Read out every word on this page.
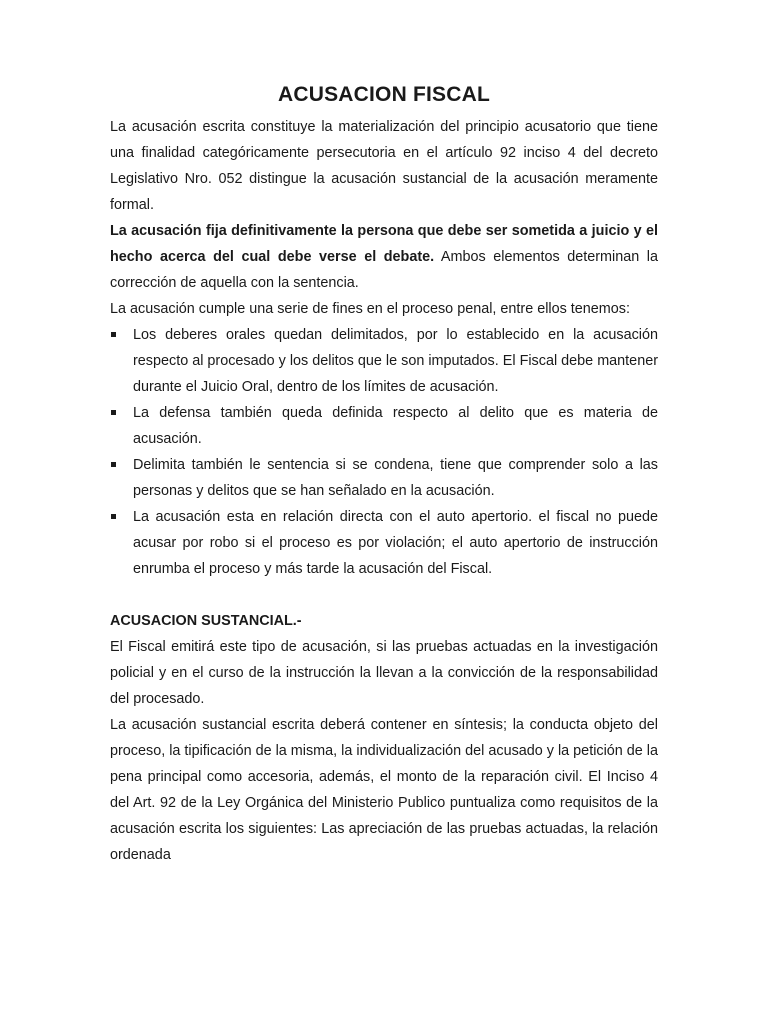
ACUSACION FISCAL

La acusación escrita constituye la materialización del principio acusatorio que tiene una finalidad categóricamente persecutoria en el artículo 92 inciso 4 del decreto Legislativo Nro. 052 distingue la acusación sustancial de la acusación meramente formal.

La acusación fija definitivamente la persona que debe ser sometida a juicio y el hecho acerca del cual debe verse el debate. Ambos elementos determinan la corrección de aquella con la sentencia.

La acusación cumple una serie de fines en el proceso penal, entre ellos tenemos:

Los deberes orales quedan delimitados, por lo establecido en la acusación respecto al procesado y los delitos que le son imputados. El Fiscal debe mantener durante el Juicio Oral, dentro de los límites de acusación.
La defensa también queda definida respecto al delito que es materia de acusación.
Delimita también le sentencia si se condena, tiene que comprender solo a las personas y delitos que se han señalado en la acusación.
La acusación esta en relación directa con el auto apertorio. el fiscal no puede acusar por robo si el proceso es por violación; el auto apertorio de instrucción enrumba el proceso y más tarde la acusación del Fiscal.
ACUSACION SUSTANCIAL.-

El Fiscal emitirá este tipo de acusación, si las pruebas actuadas en la investigación policial y en el curso de la instrucción la llevan a la convicción de la responsabilidad del procesado.

La acusación sustancial escrita deberá contener en síntesis; la conducta objeto del proceso, la tipificación de la misma, la individualización del acusado y la petición de la pena principal como accesoria, además, el monto de la reparación civil. El Inciso 4 del Art. 92 de la Ley Orgánica del Ministerio Publico puntualiza como requisitos de la acusación escrita los siguientes: Las apreciación de las pruebas actuadas, la relación ordenada
